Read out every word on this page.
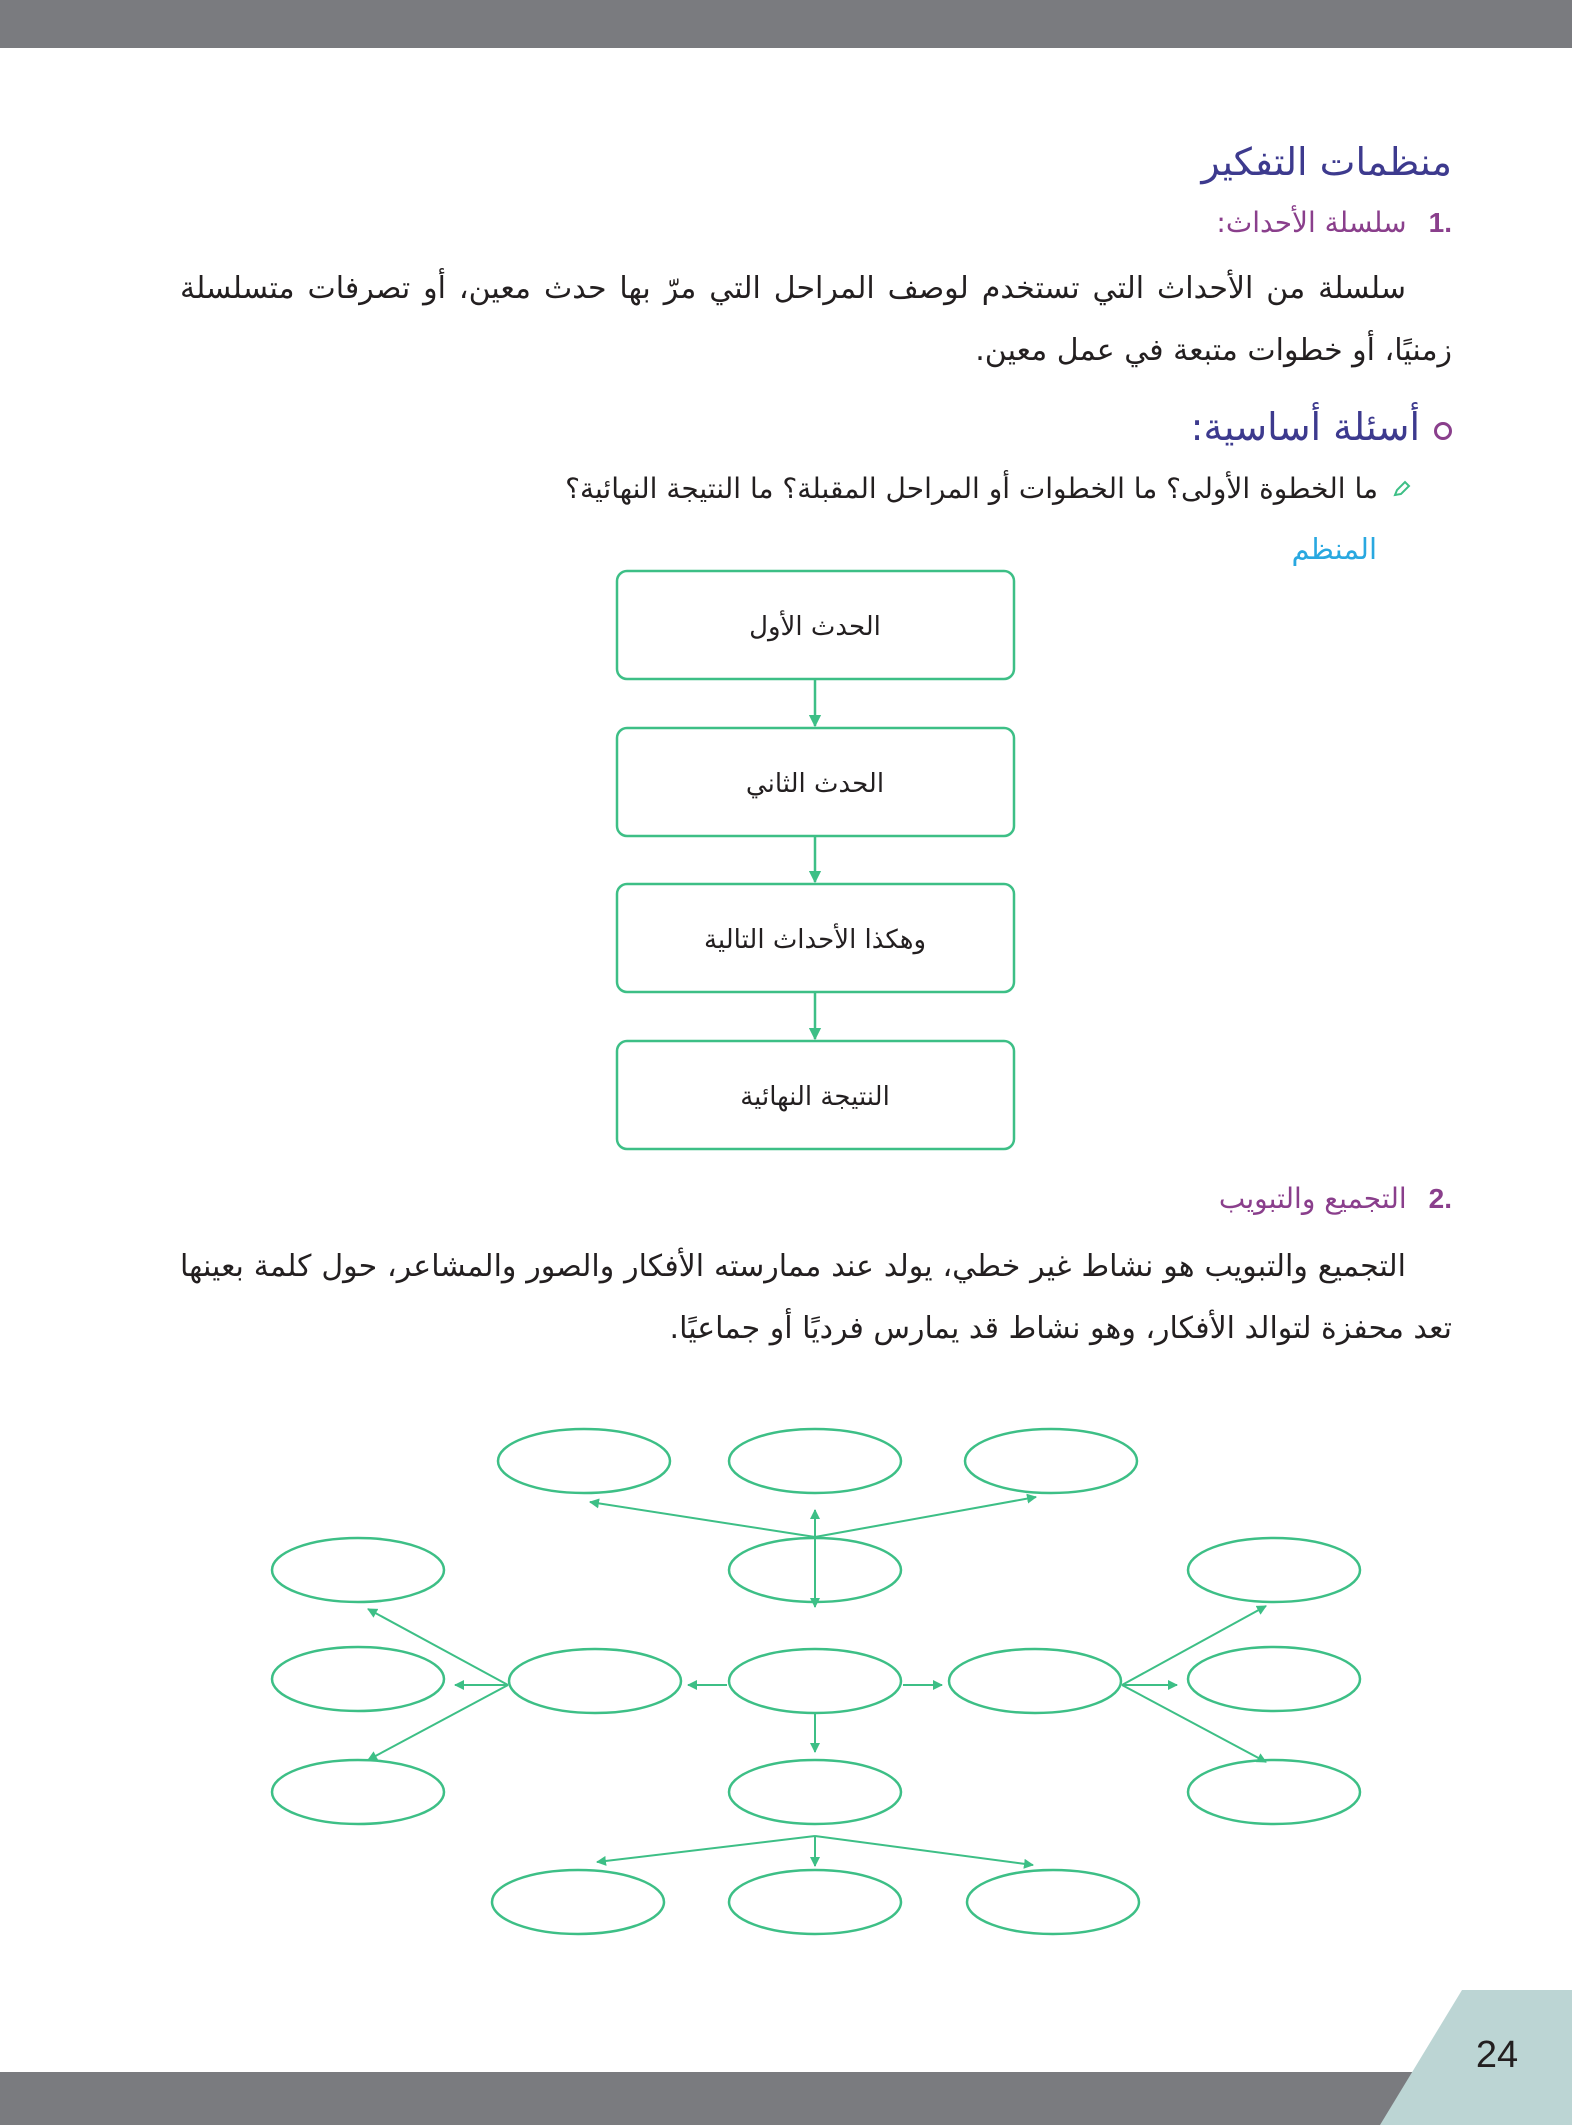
منظمات التفكير
.1سلسلة الأحداث:
سلسلة من الأحداث التي تستخدم لوصف المراحل التي مرّ بها حدث معين، أو تصرفات متسلسلة زمنيًا، أو خطوات متبعة في عمل معين.
أسئلة أساسية:
ما الخطوة الأولى؟ ما الخطوات أو المراحل المقبلة؟ ما النتيجة النهائية؟
المنظم
.2التجميع والتبويب
التجميع والتبويب هو نشاط غير خطي، يولد عند ممارسته الأفكار والصور والمشاعر، حول كلمة بعينها تعد محفزة لتوالد الأفكار، وهو نشاط قد يمارس فرديًا أو جماعيًا.
الحدث الأول
الحدث الثاني
وهكذا الأحداث التالية
النتيجة النهائية
24
